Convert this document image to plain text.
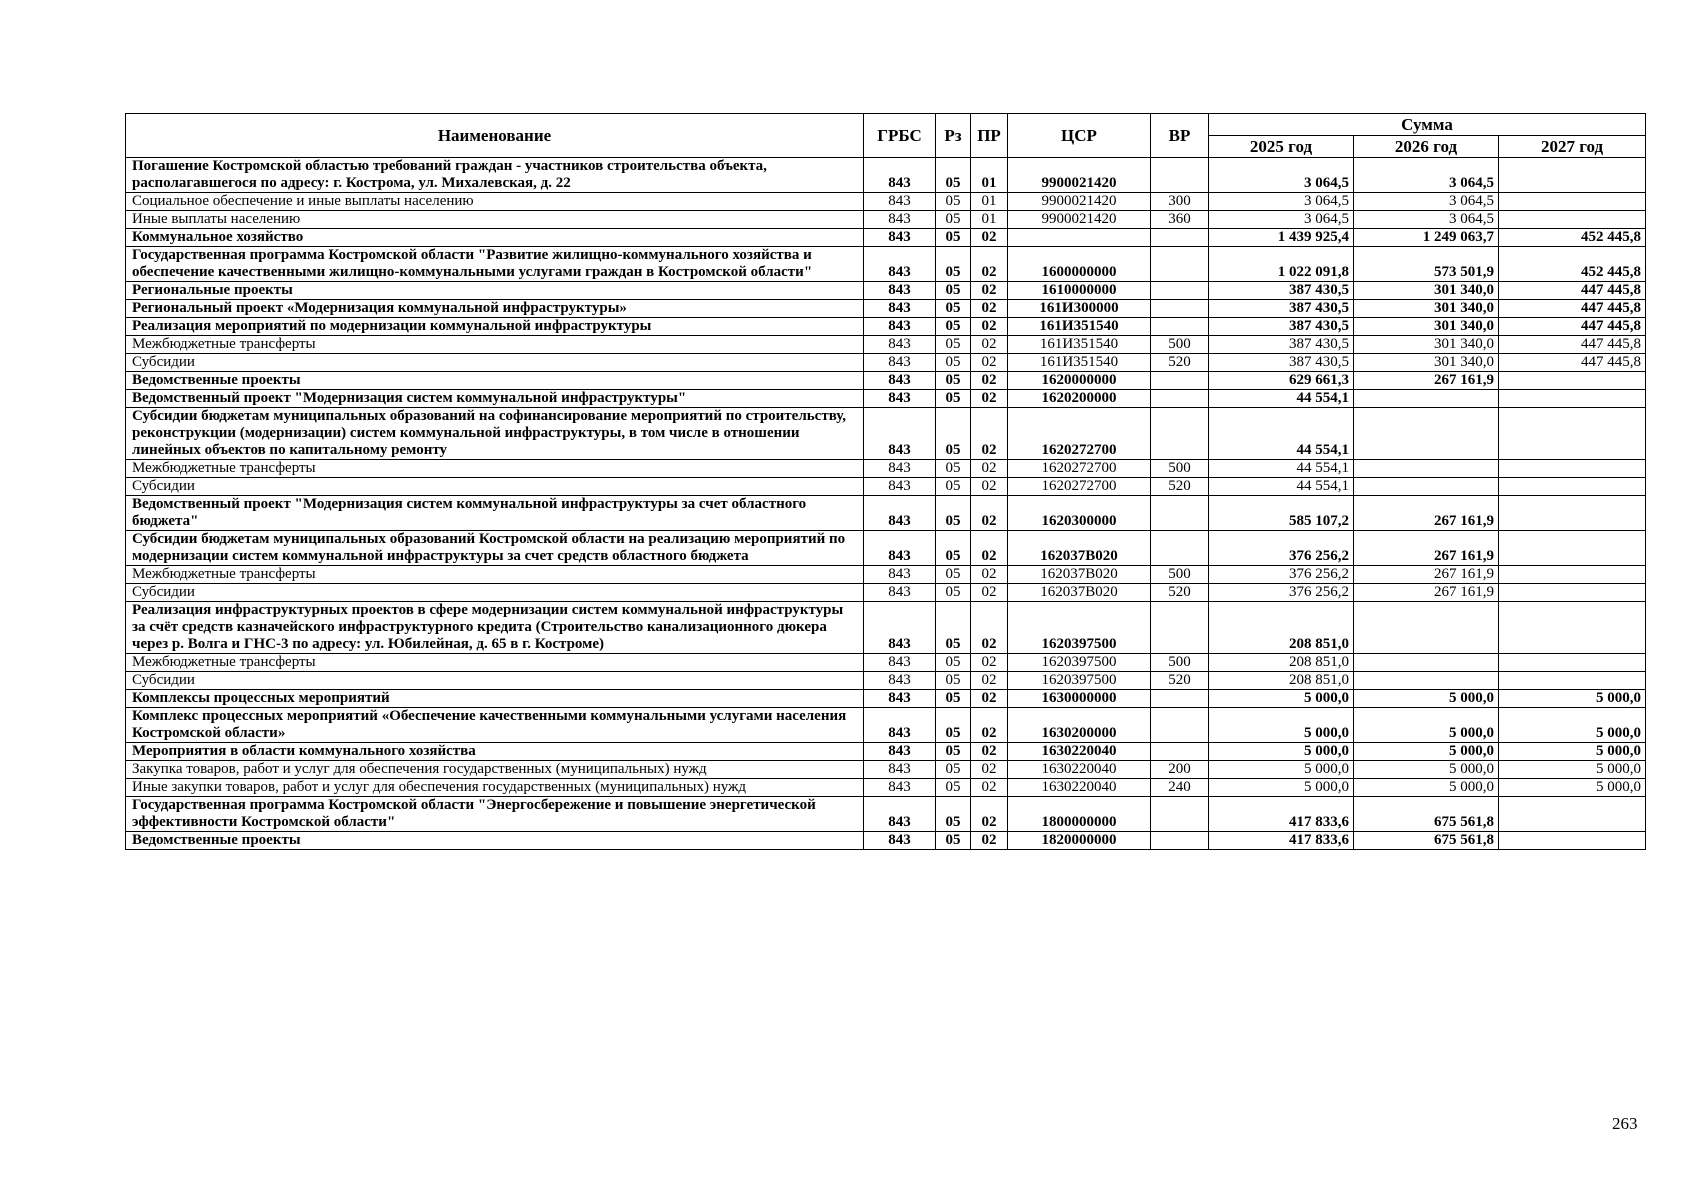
Наименование	ГРБС	Рз	ПР	ЦСР	ВР	Сумма		
						2025 год	2026 год	2027 год
Погашение Костромской областью требований граждан - участников строительства объекта, располагавшегося по адресу: г. Кострома, ул. Михалевская, д. 22	843	05	01	9900021420		3 064,5	3 064,5	
Социальное обеспечение и иные выплаты населению	843	05	01	9900021420	300	3 064,5	3 064,5	
Иные выплаты населению	843	05	01	9900021420	360	3 064,5	3 064,5	
Коммунальное хозяйство	843	05	02			1 439 925,4	1 249 063,7	452 445,8
Государственная программа Костромской области "Развитие жилищно-коммунального хозяйства и обеспечение качественными жилищно-коммунальными услугами граждан в Костромской области"	843	05	02	1600000000		1 022 091,8	573 501,9	452 445,8
Региональные проекты	843	05	02	1610000000		387 430,5	301 340,0	447 445,8
Региональный проект «Модернизация коммунальной инфраструктуры»	843	05	02	161И300000		387 430,5	301 340,0	447 445,8
Реализация мероприятий по модернизации коммунальной инфраструктуры	843	05	02	161И351540		387 430,5	301 340,0	447 445,8
Межбюджетные трансферты	843	05	02	161И351540	500	387 430,5	301 340,0	447 445,8
Субсидии	843	05	02	161И351540	520	387 430,5	301 340,0	447 445,8
Ведомственные проекты	843	05	02	1620000000		629 661,3	267 161,9	
Ведомственный проект "Модернизация систем коммунальной инфраструктуры"	843	05	02	1620200000		44 554,1		
Субсидии бюджетам муниципальных образований на софинансирование мероприятий по строительству, реконструкции (модернизации) систем коммунальной инфраструктуры, в том числе в отношении линейных объектов по капитальному ремонту	843	05	02	1620272700		44 554,1		
Межбюджетные трансферты	843	05	02	1620272700	500	44 554,1		
Субсидии	843	05	02	1620272700	520	44 554,1		
Ведомственный проект "Модернизация систем коммунальной инфраструктуры за счет областного бюджета"	843	05	02	1620300000		585 107,2	267 161,9	
Субсидии бюджетам муниципальных образований Костромской области на реализацию мероприятий по модернизации систем коммунальной инфраструктуры за счет средств областного бюджета	843	05	02	162037В020		376 256,2	267 161,9	
Межбюджетные трансферты	843	05	02	162037В020	500	376 256,2	267 161,9	
Субсидии	843	05	02	162037В020	520	376 256,2	267 161,9	
Реализация инфраструктурных проектов в сфере модернизации систем коммунальной инфраструктуры за счёт средств казначейского инфраструктурного кредита (Строительство канализационного дюкера через р. Волга и ГНС-3 по адресу: ул. Юбилейная, д. 65 в г. Костроме)	843	05	02	1620397500		208 851,0		
Межбюджетные трансферты	843	05	02	1620397500	500	208 851,0		
Субсидии	843	05	02	1620397500	520	208 851,0		
Комплексы процессных мероприятий	843	05	02	1630000000		5 000,0	5 000,0	5 000,0
Комплекс процессных мероприятий «Обеспечение качественными коммунальными услугами населения Костромской области»	843	05	02	1630200000		5 000,0	5 000,0	5 000,0
Мероприятия в области коммунального хозяйства	843	05	02	1630220040		5 000,0	5 000,0	5 000,0
Закупка товаров, работ и услуг для обеспечения государственных (муниципальных) нужд	843	05	02	1630220040	200	5 000,0	5 000,0	5 000,0
Иные закупки товаров, работ и услуг для обеспечения государственных (муниципальных) нужд	843	05	02	1630220040	240	5 000,0	5 000,0	5 000,0
Государственная программа Костромской области "Энергосбережение и повышение энергетической эффективности Костромской области"	843	05	02	1800000000		417 833,6	675 561,8	
Ведомственные проекты	843	05	02	1820000000		417 833,6	675 561,8	
263
